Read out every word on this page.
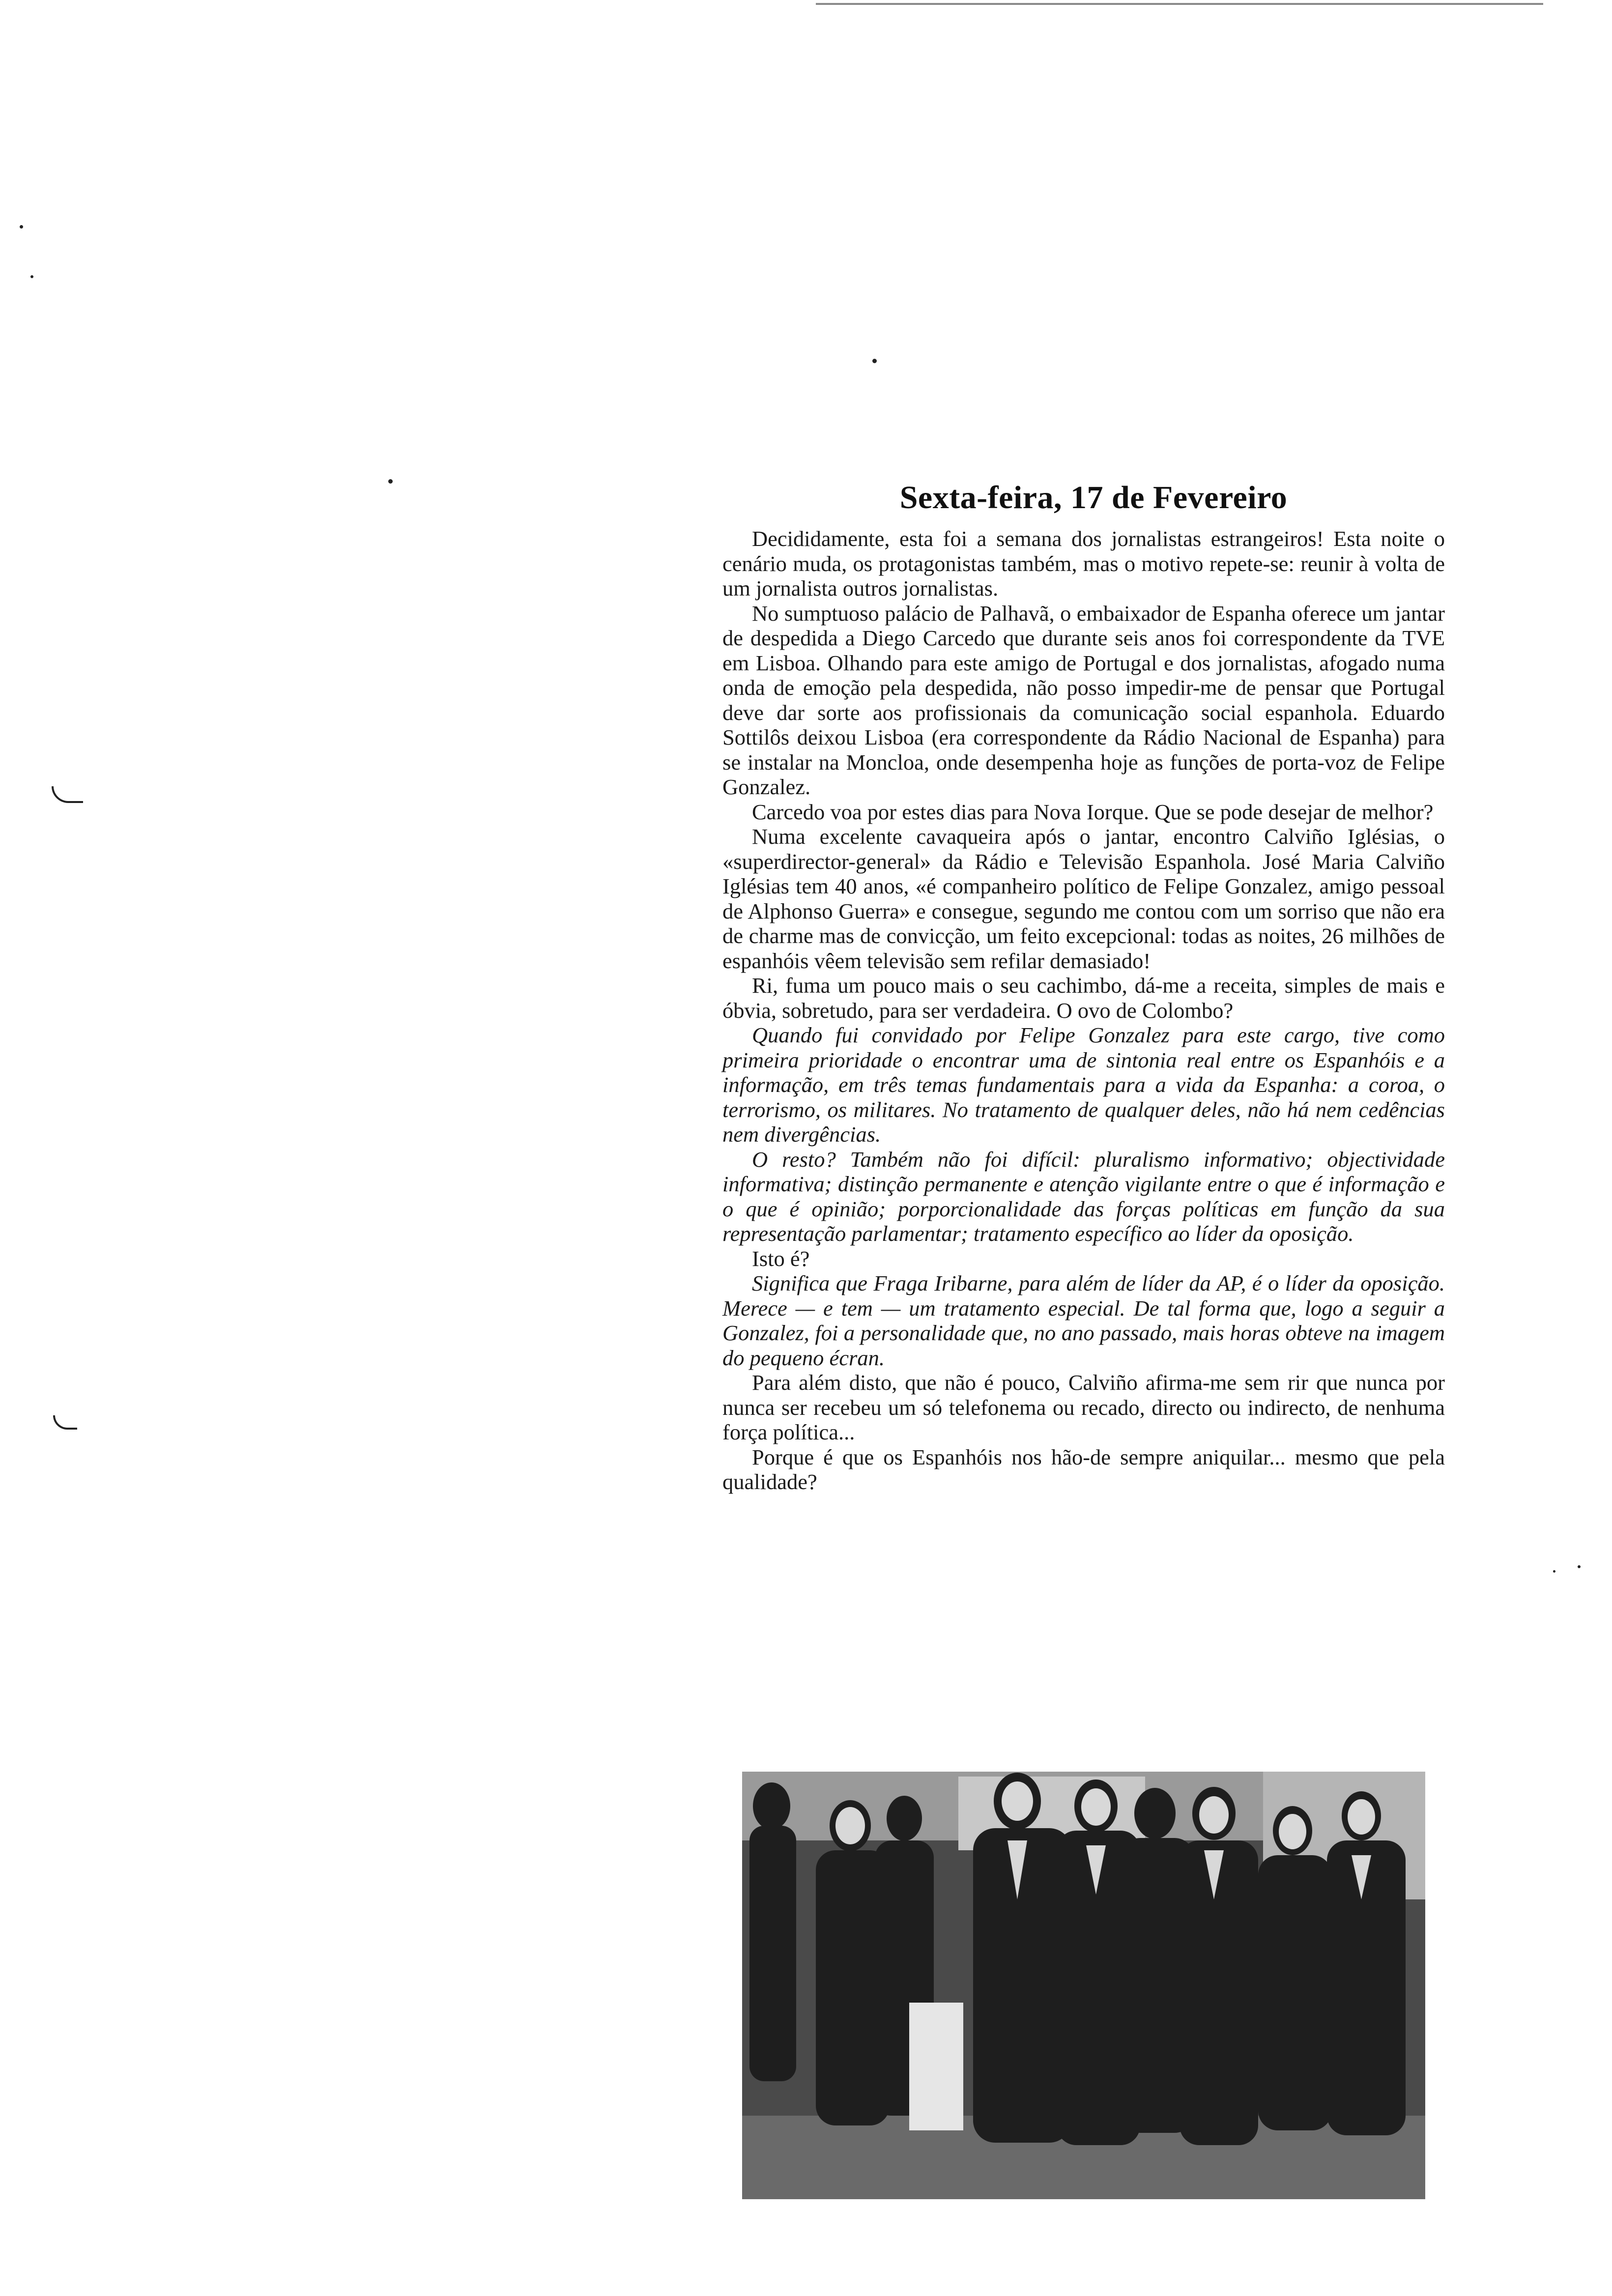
Sexta-feira, 17 de Fevereiro

Decididamente, esta foi a semana dos jornalistas estrangeiros! Esta noite o cenário muda, os protagonistas também, mas o motivo repete-se: reunir à volta de um jornalista outros jornalistas.

No sumptuoso palácio de Palhavã, o embaixador de Espanha oferece um jantar de despedida a Diego Carcedo que durante seis anos foi correspondente da TVE em Lisboa. Olhando para este amigo de Portugal e dos jornalistas, afogado numa onda de emoção pela despedida, não posso impedir-me de pensar que Portugal deve dar sorte aos profissionais da comunicação social espanhola. Eduardo Sottilôs deixou Lisboa (era correspondente da Rádio Nacional de Espanha) para se instalar na Moncloa, onde desempenha hoje as funções de porta-voz de Felipe Gonzalez.

Carcedo voa por estes dias para Nova Iorque. Que se pode desejar de melhor?

Numa excelente cavaqueira após o jantar, encontro Calviño Iglésias, o «superdirector-general» da Rádio e Televisão Espanhola. José Maria Calviño Iglésias tem 40 anos, «é companheiro político de Felipe Gonzalez, amigo pessoal de Alphonso Guerra» e consegue, segundo me contou com um sorriso que não era de charme mas de convicção, um feito excepcional: todas as noites, 26 milhões de espanhóis vêem televisão sem refilar demasiado!

Ri, fuma um pouco mais o seu cachimbo, dá-me a receita, simples de mais e óbvia, sobretudo, para ser verdadeira. O ovo de Colombo?

Quando fui convidado por Felipe Gonzalez para este cargo, tive como primeira prioridade o encontrar uma de sintonia real entre os Espanhóis e a informação, em três temas fundamentais para a vida da Espanha: a coroa, o terrorismo, os militares. No tratamento de qualquer deles, não há nem cedências nem divergências.

O resto? Também não foi difícil: pluralismo informativo; objectividade informativa; distinção permanente e atenção vigilante entre o que é informação e o que é opinião; porporcionalidade das forças políticas em função da sua representação parlamentar; tratamento específico ao líder da oposição.

Isto é?

Significa que Fraga Iribarne, para além de líder da AP, é o líder da oposição. Merece — e tem — um tratamento especial. De tal forma que, logo a seguir a Gonzalez, foi a personalidade que, no ano passado, mais horas obteve na imagem do pequeno écran.

Para além disto, que não é pouco, Calviño afirma-me sem rir que nunca por nunca ser recebeu um só telefonema ou recado, directo ou indirecto, de nenhuma força política...

Porque é que os Espanhóis nos hão-de sempre aniquilar... mesmo que pela qualidade?
